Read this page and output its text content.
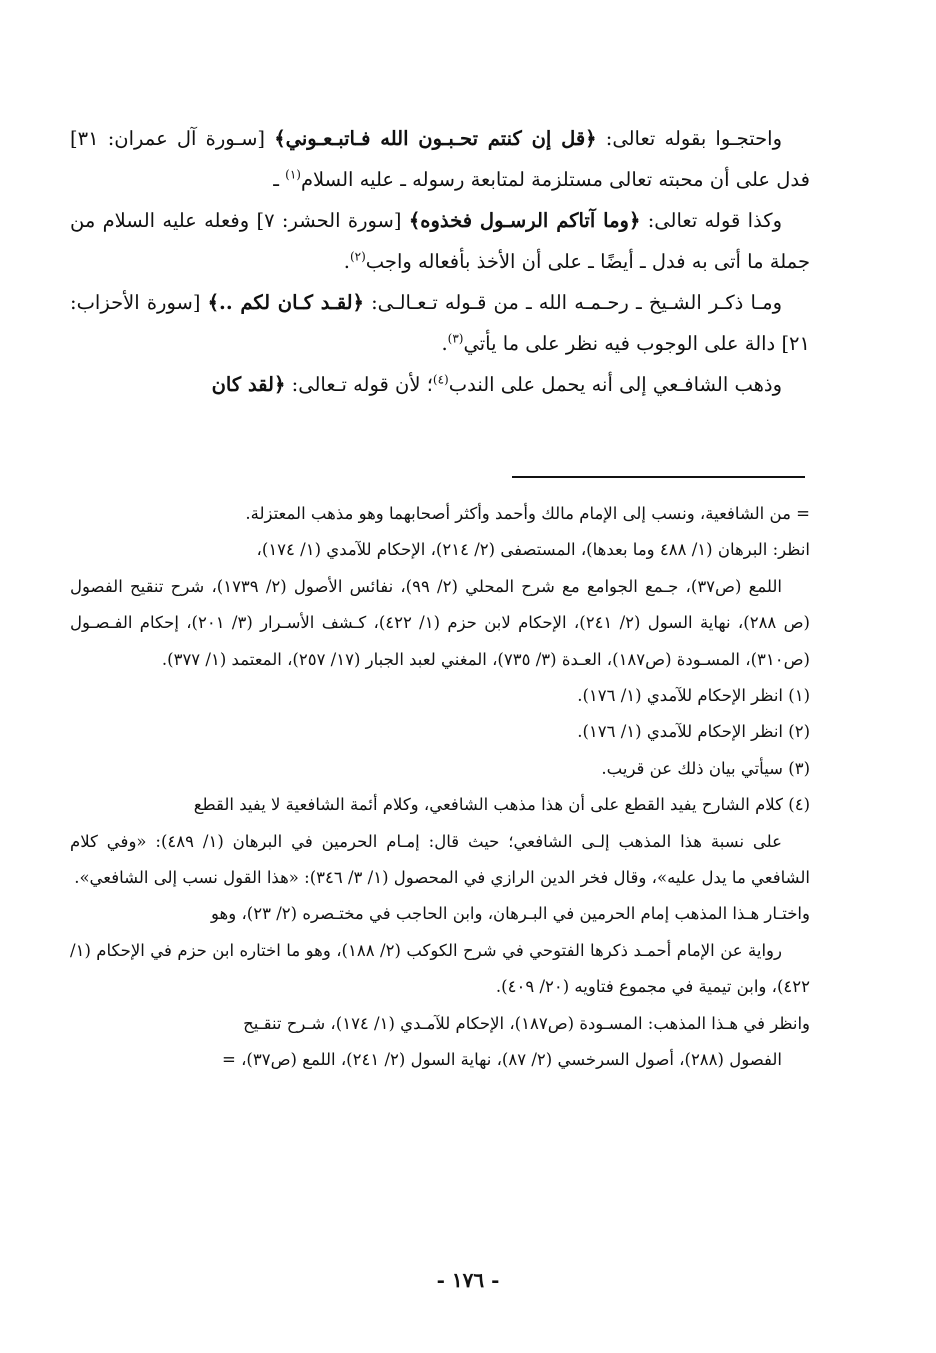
واحتجـوا بقوله تعالى: ﴿قل إن كنتم تحـبـون الله فـاتبـعـوني﴾ [سـورة آل عمران: ٣١] فدل على أن محبته تعالى مستلزمة لمتابعة رسوله ـ عليه السلام$^{(١)}$ ـ

وكذا قوله تعالى: ﴿وما آتاكم الرسـول فخذوه﴾ [سورة الحشر: ٧] وفعله عليه السلام من جملة ما أتى به فدل ـ أيضًا ـ على أن الأخذ بأفعاله واجب$^{(٢)}$.

ومـا ذكـر الشـيخ ـ رحـمـه الله ـ من قـوله تـعـالـى: ﴿لقـد كـان لكم ..﴾ [سورة الأحزاب: ٢١] دالة على الوجوب فيه نظر على ما يأتي$^{(٣)}$.

وذهب الشافـعي إلى أنه يحمل على الندب$^{(٤)}$؛ لأن قوله تـعالى: ﴿لقد كان

= من الشافعية، ونسب إلى الإمام مالك وأحمد وأكثر أصحابهما وهو مذهب المعتزلة.

انظر: البرهان (١/ ٤٨٨ وما بعدها)، المستصفى (٢/ ٢١٤)، الإحكام للآمدي (١/ ١٧٤)،
اللمع (ص٣٧)، جـمع الجوامع مع شرح المحلي (٢/ ٩٩)، نفائس الأصول (٢/ ١٧٣٩)، شرح تنقيح الفصول (ص ٢٨٨)، نهاية السول (٢/ ٢٤١)، الإحكام لابن حزم (١/ ٤٢٢)، كـشف الأسـرار (٣/ ٢٠١)، إحكام الفـصـول (ص٣١٠)، المسـودة (ص١٨٧)، العـدة (٣/ ٧٣٥)، المغني لعبد الجبار (١٧/ ٢٥٧)، المعتمد (١/ ٣٧٧).

(١) انظر الإحكام للآمدي (١/ ١٧٦).

(٢) انظر الإحكام للآمدي (١/ ١٧٦).

(٣) سيأتي بيان ذلك عن قريب.

(٤) كلام الشارح يفيد القطع على أن هذا مذهب الشافعي، وكلام أئمة الشافعية لا يفيد القطع
على نسبة هذا المذهب إلـى الشافعي؛ حيث قال: إمـام الحرمين في البرهان (١/ ٤٨٩): «وفي كلام الشافعي ما يدل عليه»، وقال فخر الدين الرازي في المحصول (١/ ٣/ ٣٤٦): «هذا القول نسب إلى الشافعي».

واختـار هـذا المذهب إمام الحرمين في البـرهان، وابن الحاجب في مختـصره (٢/ ٢٣)، وهو
رواية عن الإمام أحمـد ذكرها الفتوحي في شرح الكوكب (٢/ ١٨٨)، وهو ما اختاره ابن حزم في الإحكام (١/ ٤٢٢)، وابن تيمية في مجموع فتاويه (٢٠/ ٤٠٩).

وانظر في هـذا المذهب: المسـودة (ص١٨٧)، الإحكام للآمـدي (١/ ١٧٤)، شـرح تنقـيح
الفصول (٢٨٨)، أصول السرخسي (٢/ ٨٧)، نهاية السول (٢/ ٢٤١)، اللمع (ص٣٧)، =

- ١٧٦ -
